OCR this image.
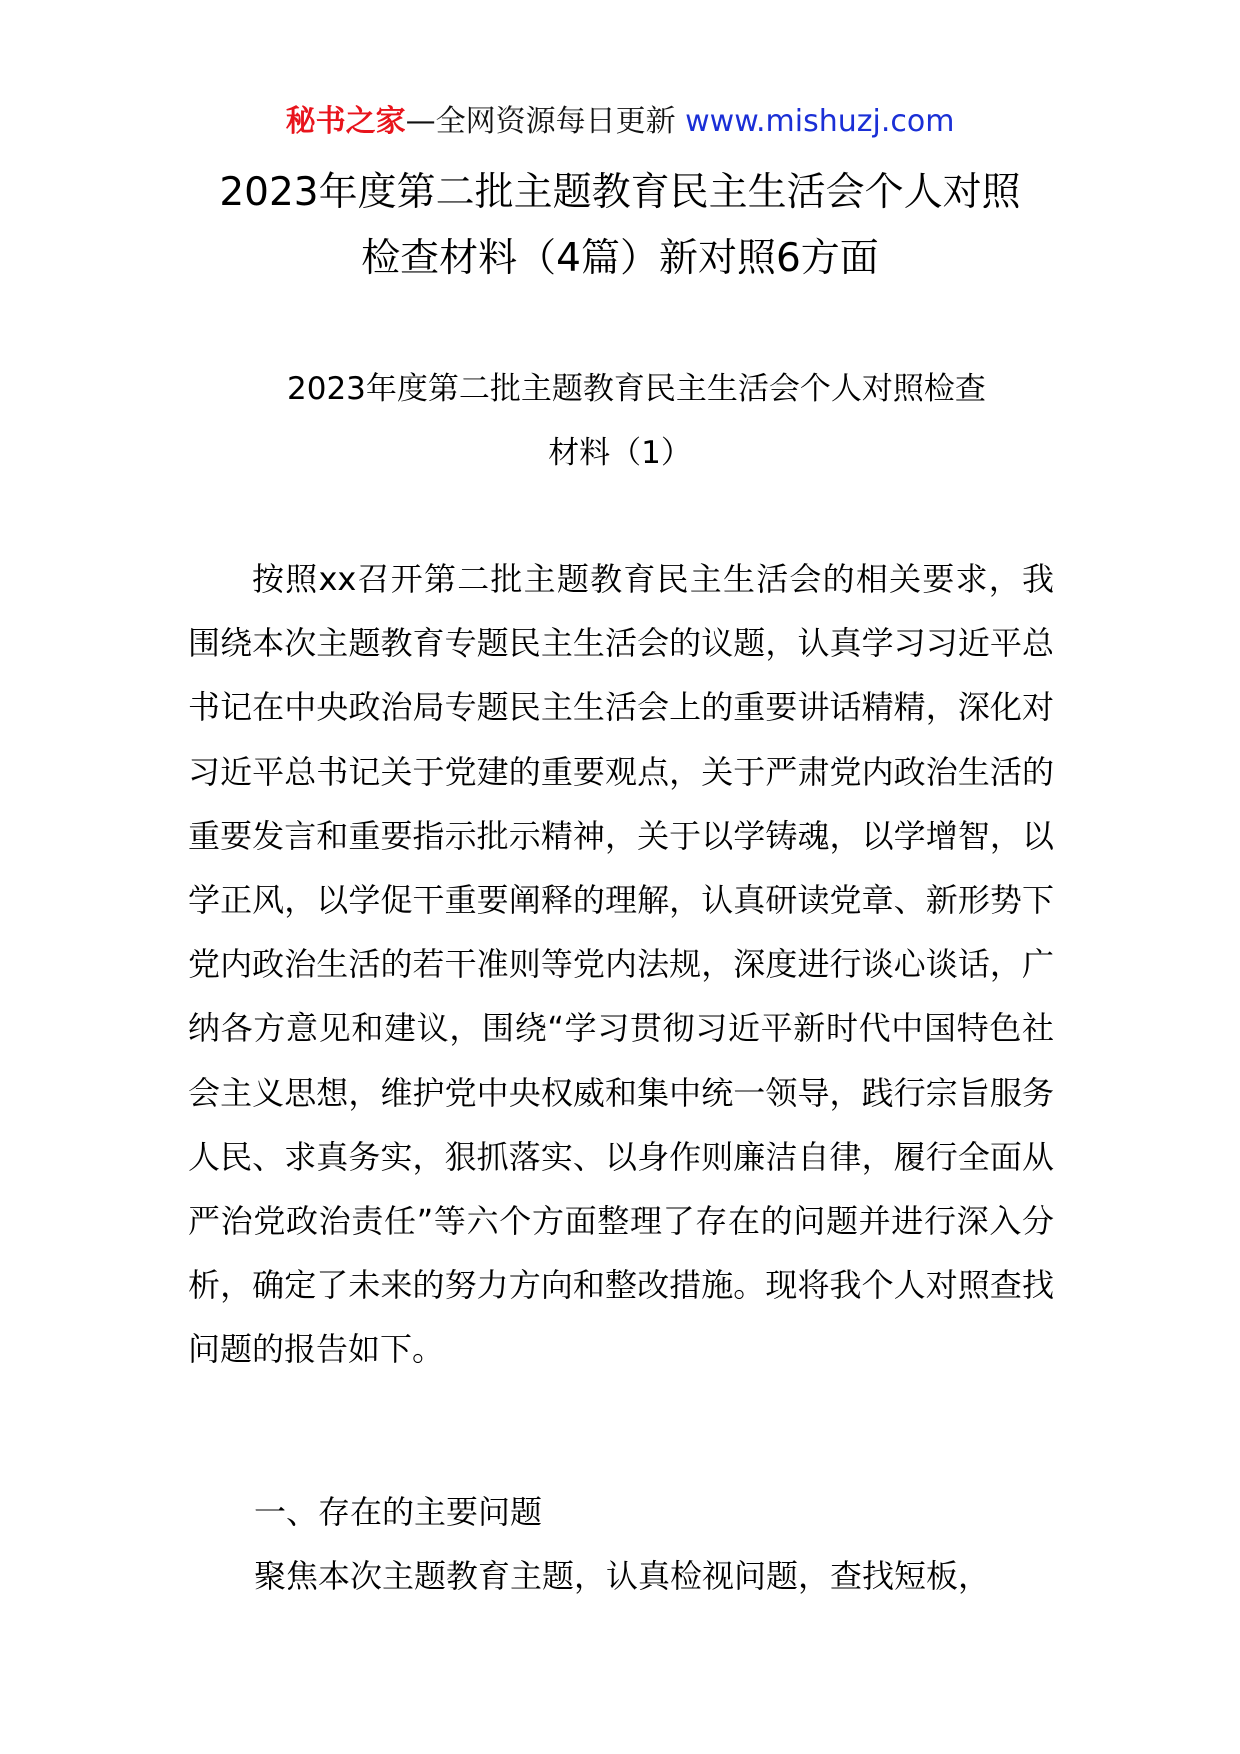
秘书之家—全网资源每日更新 www.mishuzj.com
2023年度第二批主题教育民主生活会个人对照
检查材料（4篇）新对照6方面
2023年度第二批主题教育民主生活会个人对照检查
材料（1）

按照xx召开第二批主题教育民主生活会的相关要求，我围绕本次主题教育专题民主生活会的议题，认真学习习近平总书记在中央政治局专题民主生活会上的重要讲话精精，深化对习近平总书记关于党建的重要观点，关于严肃党内政治生活的重要发言和重要指示批示精神，关于以学铸魂，以学增智，以学正风，以学促干重要阐释的理解，认真研读党章、新形势下党内政治生活的若干准则等党内法规，深度进行谈心谈话，广纳各方意见和建议，围绕“学习贯彻习近平新时代中国特色社会主义思想，维护党中央权威和集中统一领导，践行宗旨服务人民、求真务实，狠抓落实、以身作则廉洁自律，履行全面从严治党政治责任”等六个方面整理了存在的问题并进行深入分析，确定了未来的努力方向和整改措施。现将我个人对照查找问题的报告如下。

一、存在的主要问题
聚焦本次主题教育主题，认真检视问题，查找短板，
